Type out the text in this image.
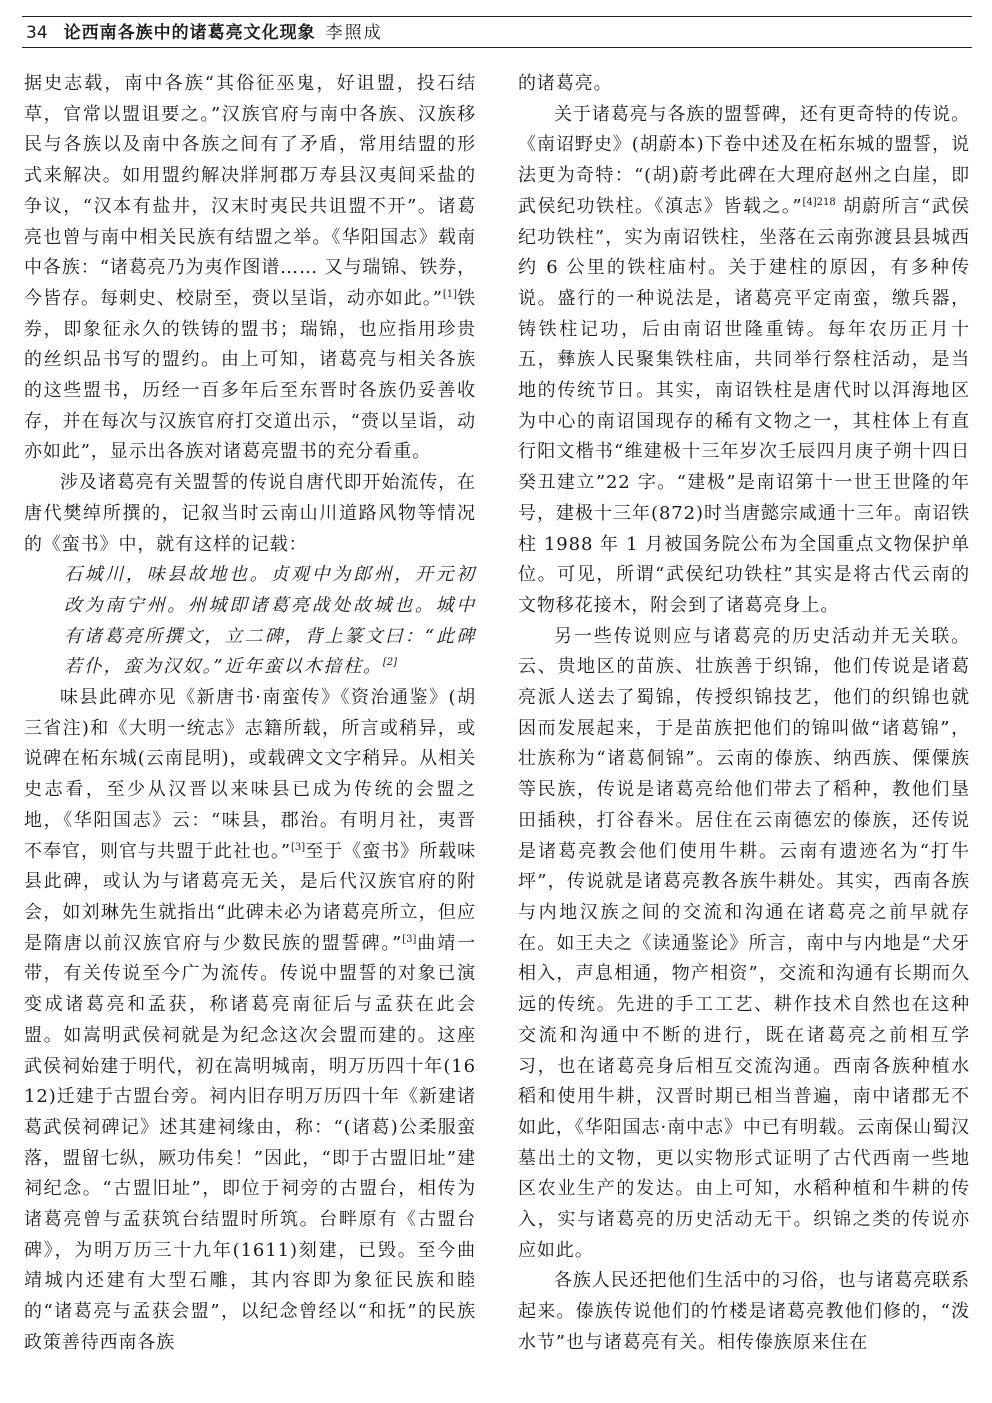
34 论西南各族中的诸葛亮文化现象 李照成

据史志载，南中各族“其俗征巫鬼，好诅盟，投石结草，官常以盟诅要之。”汉族官府与南中各族、汉族移民与各族以及南中各族之间有了矛盾，常用结盟的形式来解决。如用盟约解决牂牁郡万寿县汉夷间采盐的争议，“汉本有盐井，汉末时夷民共诅盟不开”。诸葛亮也曾与南中相关民族有结盟之举。《华阳国志》载南中各族：“诸葛亮乃为夷作图谱…… 又与瑞锦、铁券，今皆存。每刺史、校尉至，赍以呈诣，动亦如此。”[1]铁券，即象征永久的铁铸的盟书；瑞锦，也应指用珍贵的丝织品书写的盟约。由上可知，诸葛亮与相关各族的这些盟书，历经一百多年后至东晋时各族仍妥善收存，并在每次与汉族官府打交道出示，“赍以呈诣，动亦如此”，显示出各族对诸葛亮盟书的充分看重。

涉及诸葛亮有关盟誓的传说自唐代即开始流传，在唐代樊绰所撰的，记叙当时云南山川道路风物等情况的《蛮书》中，就有这样的记载：

石城川，味县故地也。贞观中为郎州，开元初改为南宁州。州城即诸葛亮战处故城也。城中有诸葛亮所撰文，立二碑，背上篆文曰：“此碑若仆，蛮为汉奴。”近年蛮以木揞柱。[2]

味县此碑亦见《新唐书·南蛮传》《资治通鉴》(胡三省注)和《大明一统志》志籍所载，所言或稍异，或说碑在柘东城(云南昆明)，或载碑文文字稍异。从相关史志看，至少从汉晋以来味县已成为传统的会盟之地，《华阳国志》云：“味县，郡治。有明月社，夷晋不奉官，则官与共盟于此社也。”[3]至于《蛮书》所载味县此碑，或认为与诸葛亮无关，是后代汉族官府的附会，如刘琳先生就指出“此碑未必为诸葛亮所立，但应是隋唐以前汉族官府与少数民族的盟誓碑。”[3]曲靖一带，有关传说至今广为流传。传说中盟誓的对象已演变成诸葛亮和孟获，称诸葛亮南征后与孟获在此会盟。如嵩明武侯祠就是为纪念这次会盟而建的。这座武侯祠始建于明代，初在嵩明城南，明万历四十年(1612)迁建于古盟台旁。祠内旧存明万历四十年《新建诸葛武侯祠碑记》述其建祠缘由，称：“(诸葛)公柔服蛮落，盟留七纵，厥功伟矣！”因此，“即于古盟旧址”建祠纪念。“古盟旧址”，即位于祠旁的古盟台，相传为诸葛亮曾与孟获筑台结盟时所筑。台畔原有《古盟台碑》，为明万历三十九年(1611)刻建，已毁。至今曲靖城内还建有大型石雕，其内容即为象征民族和睦的“诸葛亮与孟获会盟”，以纪念曾经以“和抚”的民族政策善待西南各族

的诸葛亮。

关于诸葛亮与各族的盟誓碑，还有更奇特的传说。《南诏野史》(胡蔚本)下卷中述及在柘东城的盟誓，说法更为奇特：“(胡)蔚考此碑在大理府赵州之白崖，即武侯纪功铁柱。《滇志》皆载之。”$^{[4]218}$ 胡蔚所言“武侯纪功铁柱”，实为南诏铁柱，坐落在云南弥渡县县城西约 6 公里的铁柱庙村。关于建柱的原因，有多种传说。盛行的一种说法是，诸葛亮平定南蛮，缴兵器，铸铁柱记功，后由南诏世隆重铸。每年农历正月十五，彝族人民聚集铁柱庙，共同举行祭柱活动，是当地的传统节日。其实，南诏铁柱是唐代时以洱海地区为中心的南诏国现存的稀有文物之一，其柱体上有直行阳文楷书“维建极十三年岁次壬辰四月庚子朔十四日癸丑建立”22 字。“建极”是南诏第十一世王世隆的年号，建极十三年(872)时当唐懿宗咸通十三年。南诏铁柱 1988 年 1 月被国务院公布为全国重点文物保护单位。可见，所谓“武侯纪功铁柱”其实是将古代云南的文物移花接木，附会到了诸葛亮身上。

另一些传说则应与诸葛亮的历史活动并无关联。云、贵地区的苗族、壮族善于织锦，他们传说是诸葛亮派人送去了蜀锦，传授织锦技艺，他们的织锦也就因而发展起来，于是苗族把他们的锦叫做“诸葛锦”，壮族称为“诸葛侗锦”。云南的傣族、纳西族、傈僳族等民族，传说是诸葛亮给他们带去了稻种，教他们垦田插秧，打谷舂米。居住在云南德宏的傣族，还传说是诸葛亮教会他们使用牛耕。云南有遗迹名为“打牛坪”，传说就是诸葛亮教各族牛耕处。其实，西南各族与内地汉族之间的交流和沟通在诸葛亮之前早就存在。如王夫之《读通鉴论》所言，南中与内地是“犬牙相入，声息相通，物产相资”，交流和沟通有长期而久远的传统。先进的手工工艺、耕作技术自然也在这种交流和沟通中不断的进行，既在诸葛亮之前相互学习，也在诸葛亮身后相互交流沟通。西南各族种植水稻和使用牛耕，汉晋时期已相当普遍，南中诸郡无不如此，《华阳国志·南中志》中已有明载。云南保山蜀汉墓出土的文物，更以实物形式证明了古代西南一些地区农业生产的发达。由上可知，水稻种植和牛耕的传入，实与诸葛亮的历史活动无干。织锦之类的传说亦应如此。

各族人民还把他们生活中的习俗，也与诸葛亮联系起来。傣族传说他们的竹楼是诸葛亮教他们修的，“泼水节”也与诸葛亮有关。相传傣族原来住在
